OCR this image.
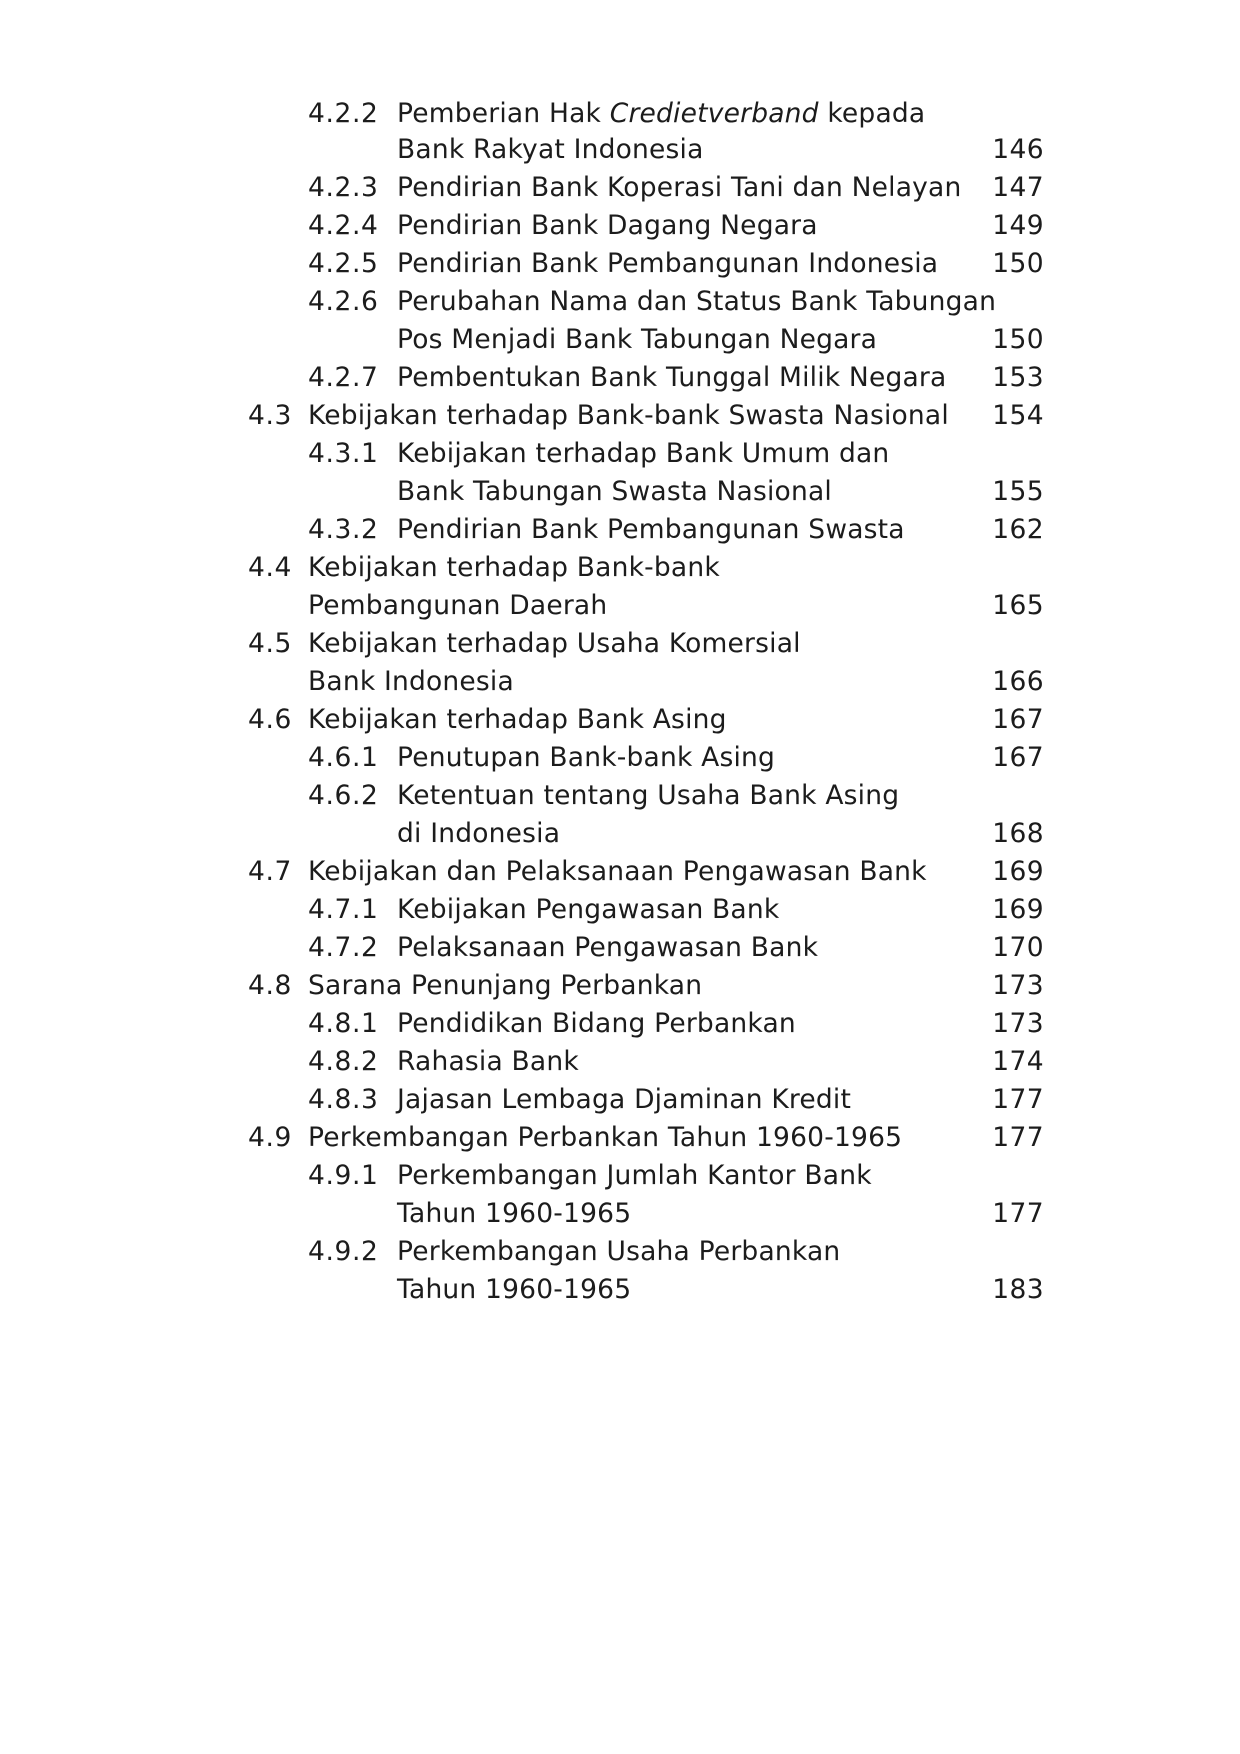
4.2.2 Pemberian Hak Credietverband kepada
Bank Rakyat Indonesia	146
4.2.3 Pendirian Bank Koperasi Tani dan Nelayan	147
4.2.4 Pendirian Bank Dagang Negara	149
4.2.5 Pendirian Bank Pembangunan Indonesia	150
4.2.6 Perubahan Nama dan Status Bank Tabungan
Pos Menjadi Bank Tabungan Negara	150
4.2.7 Pembentukan Bank Tunggal Milik Negara	153
4.3 Kebijakan terhadap Bank-bank Swasta Nasional	154
4.3.1 Kebijakan terhadap Bank Umum dan
Bank Tabungan Swasta Nasional	155
4.3.2 Pendirian Bank Pembangunan Swasta	162
4.4 Kebijakan terhadap Bank-bank
Pembangunan Daerah	165
4.5 Kebijakan terhadap Usaha Komersial
Bank Indonesia	166
4.6 Kebijakan terhadap Bank Asing	167
4.6.1 Penutupan Bank-bank Asing	167
4.6.2 Ketentuan tentang Usaha Bank Asing
di Indonesia	168
4.7 Kebijakan dan Pelaksanaan Pengawasan Bank	169
4.7.1 Kebijakan Pengawasan Bank	169
4.7.2 Pelaksanaan Pengawasan Bank	170
4.8 Sarana Penunjang Perbankan	173
4.8.1 Pendidikan Bidang Perbankan	173
4.8.2 Rahasia Bank	174
4.8.3 Jajasan Lembaga Djaminan Kredit	177
4.9 Perkembangan Perbankan Tahun 1960-1965	177
4.9.1 Perkembangan Jumlah Kantor Bank
Tahun 1960-1965	177
4.9.2 Perkembangan Usaha Perbankan
Tahun 1960-1965	183
